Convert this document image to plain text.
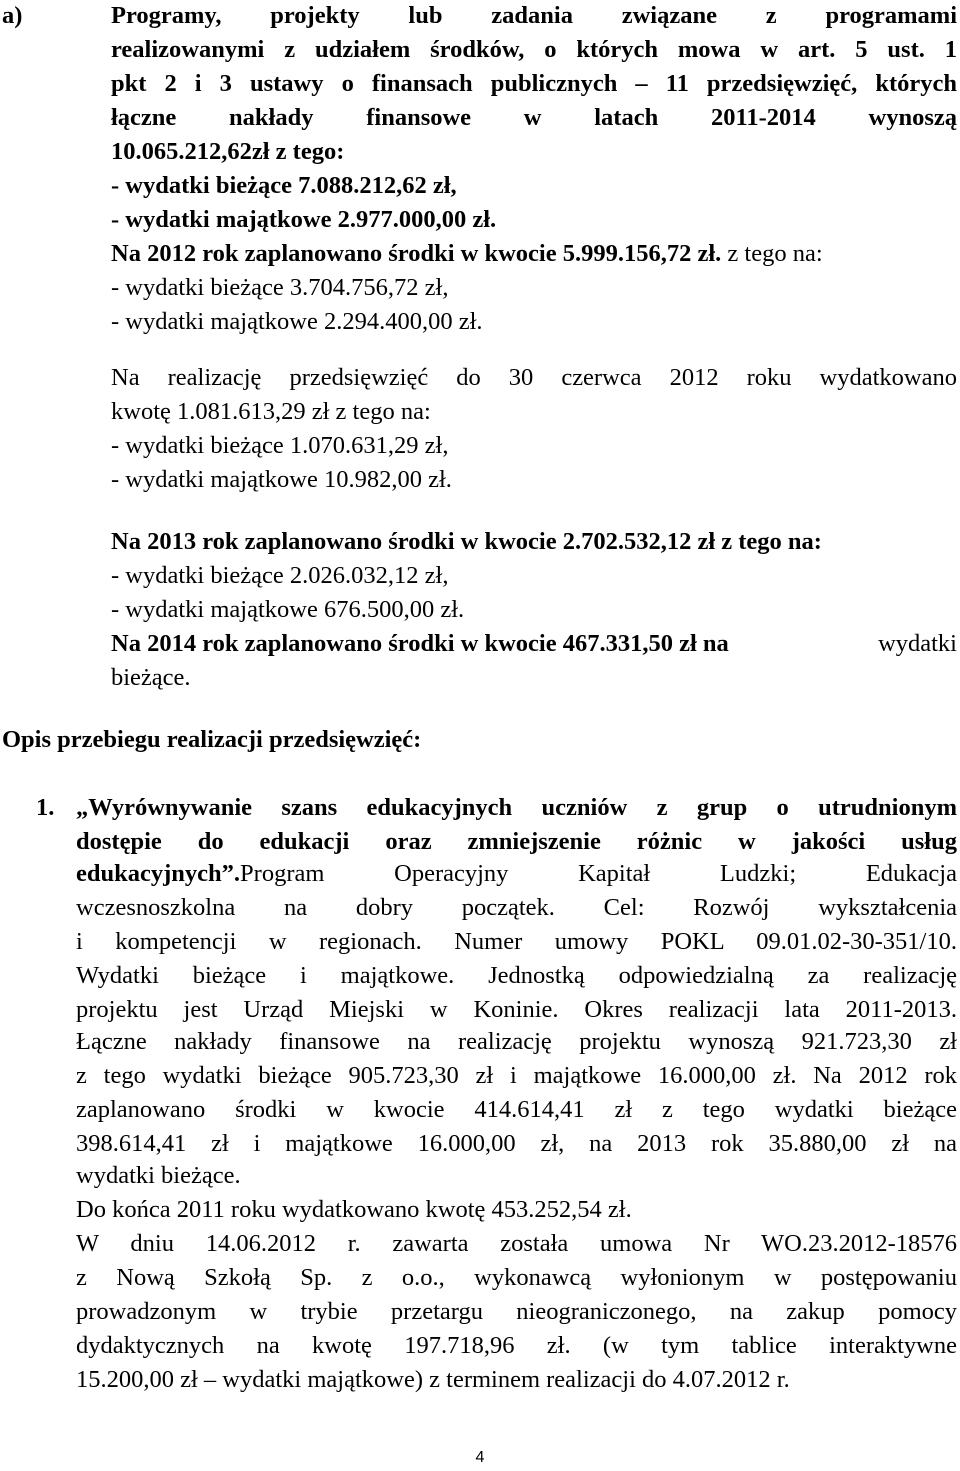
a)	Programy, projekty lub zadania związane z programami
realizowanymi z udziałem środków, o których mowa w art. 5 ust. 1
pkt 2 i 3 ustawy o finansach publicznych – 11 przedsięwzięć, których
łączne nakłady finansowe w latach 2011-2014 wynoszą
10.065.212,62zł z tego:
- wydatki bieżące 7.088.212,62 zł,
- wydatki majątkowe 2.977.000,00 zł.
Na 2012 rok zaplanowano środki w kwocie 5.999.156,72 zł. z tego na:
- wydatki bieżące 3.704.756,72 zł,
- wydatki majątkowe 2.294.400,00 zł.
Na realizację przedsięwzięć do 30 czerwca 2012 roku wydatkowano
kwotę 1.081.613,29 zł z tego na:
- wydatki bieżące 1.070.631,29 zł,
- wydatki majątkowe 10.982,00 zł.
Na 2013 rok zaplanowano środki w kwocie 2.702.532,12 zł z tego na:
- wydatki bieżące 2.026.032,12 zł,
- wydatki majątkowe 676.500,00 zł.
Na 2014 rok zaplanowano środki w kwocie 467.331,50 zł na	wydatki
bieżące.
Opis przebiegu realizacji przedsięwzięć:
1. „Wyrównywanie szans edukacyjnych uczniów z grup o utrudnionym
dostępie do edukacji oraz zmniejszenie różnic w jakości usług
edukacyjnych”. Program Operacyjny Kapitał Ludzki; Edukacja
wczesnoszkolna na dobry początek. Cel: Rozwój wykształcenia
i kompetencji w regionach. Numer umowy POKL 09.01.02-30-351/10.
Wydatki bieżące i majątkowe. Jednostką odpowiedzialną za realizację
projektu jest Urząd Miejski w Koninie. Okres realizacji lata 2011-2013.
Łączne nakłady finansowe na realizację projektu wynoszą 921.723,30 zł
z tego wydatki bieżące 905.723,30 zł i majątkowe 16.000,00 zł. Na 2012 rok
zaplanowano środki w kwocie 414.614,41 zł z tego wydatki bieżące
398.614,41 zł i majątkowe 16.000,00 zł, na 2013 rok 35.880,00 zł na
wydatki bieżące.
Do końca 2011 roku wydatkowano kwotę 453.252,54 zł.
W dniu 14.06.2012 r. zawarta została umowa Nr WO.23.2012-18576
z Nową Szkołą Sp. z o.o., wykonawcą wyłonionym w postępowaniu
prowadzonym w trybie przetargu nieograniczonego, na zakup pomocy
dydaktycznych na kwotę 197.718,96 zł. (w tym tablice interaktywne
15.200,00 zł – wydatki majątkowe) z terminem realizacji do 4.07.2012 r.
4
